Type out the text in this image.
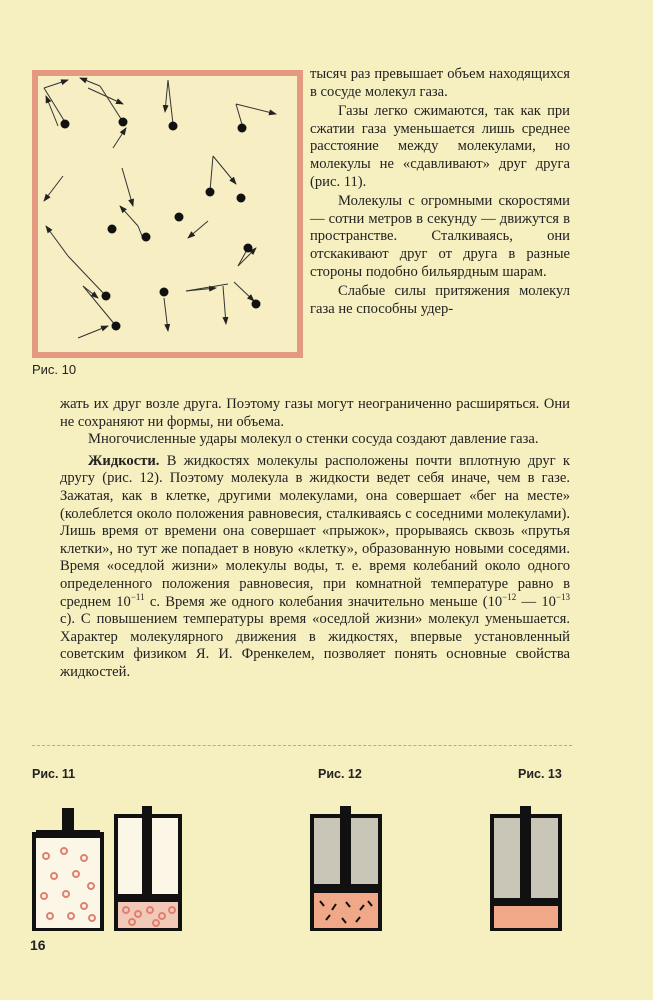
Рис. 10

тысяч раз превышает объем находящихся в сосуде молекул газа.

Газы легко сжимаются, так как при сжатии газа уменьшается лишь среднее расстояние между молекулами, но молекулы не «сдавливают» друг друга (рис. 11).

Молекулы с огромными скоростями — сотни метров в секунду — движутся в пространстве. Сталкиваясь, они отскакивают друг от друга в разные стороны подобно бильярдным шарам.

Слабые силы притяжения молекул газа не способны удер-

жать их друг возле друга. Поэтому газы могут неограниченно расширяться. Они не сохраняют ни формы, ни объема.

Многочисленные удары молекул о стенки сосуда создают давление газа.

Жидкости. В жидкостях молекулы расположены почти вплотную друг к другу (рис. 12). Поэтому молекула в жидкости ведет себя иначе, чем в газе. Зажатая, как в клетке, другими молекулами, она совершает «бег на месте» (колеблется около положения равновесия, сталкиваясь с соседними молекулами). Лишь время от времени она совершает «прыжок», прорываясь сквозь «прутья клетки», но тут же попадает в новую «клетку», образованную новыми соседями. Время «оседлой жизни» молекулы воды, т. е. время колебаний около одного определенного положения равновесия, при комнатной температуре равно в среднем $10^{-11}$ с. Время же одного колебания значительно меньше ($10^{-12}$ — $10^{-13}$ с). С повышением температуры время «оседлой жизни» молекул уменьшается. Характер молекулярного движения в жидкостях, впервые установленный советским физиком Я. И. Френкелем, позволяет понять основные свойства жидкостей.

Рис. 11	Рис. 12	Рис. 13
16
